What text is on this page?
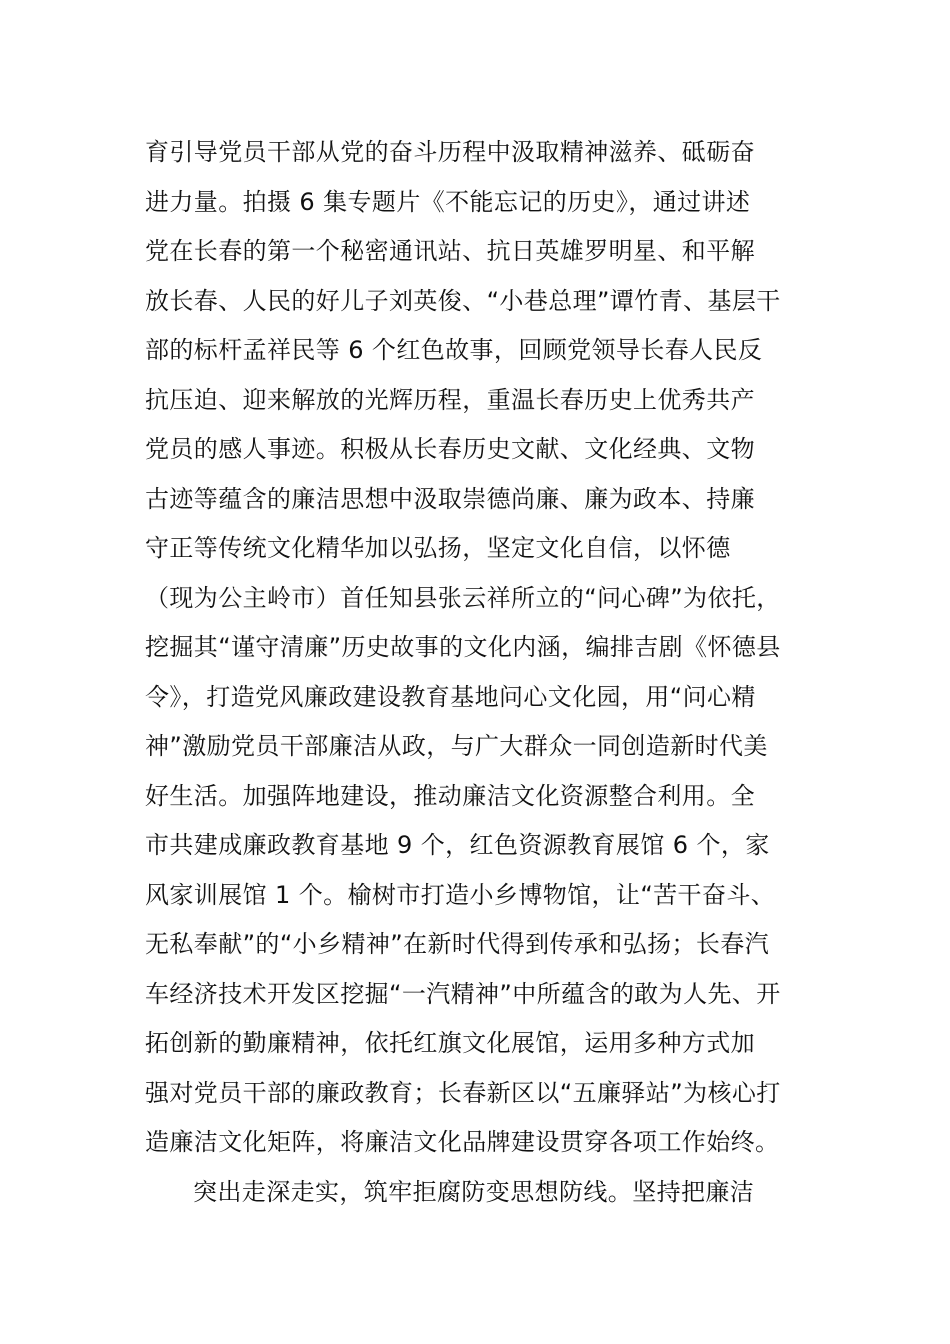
育引导党员干部从党的奋斗历程中汲取精神滋养、砥砺奋
进力量。拍摄 6 集专题片《不能忘记的历史》，通过讲述
党在长春的第一个秘密通讯站、抗日英雄罗明星、和平解
放长春、人民的好儿子刘英俊、“小巷总理”谭竹青、基层干
部的标杆孟祥民等 6 个红色故事，回顾党领导长春人民反
抗压迫、迎来解放的光辉历程，重温长春历史上优秀共产
党员的感人事迹。积极从长春历史文献、文化经典、文物
古迹等蕴含的廉洁思想中汲取崇德尚廉、廉为政本、持廉
守正等传统文化精华加以弘扬，坚定文化自信，以怀德
（现为公主岭市）首任知县张云祥所立的“问心碑”为依托，
挖掘其“谨守清廉”历史故事的文化内涵，编排吉剧《怀德县
令》，打造党风廉政建设教育基地问心文化园，用“问心精
神”激励党员干部廉洁从政，与广大群众一同创造新时代美
好生活。加强阵地建设，推动廉洁文化资源整合利用。全
市共建成廉政教育基地 9 个，红色资源教育展馆 6 个，家
风家训展馆 1 个。榆树市打造小乡博物馆，让“苦干奋斗、
无私奉献”的“小乡精神”在新时代得到传承和弘扬；长春汽
车经济技术开发区挖掘“一汽精神”中所蕴含的敢为人先、开
拓创新的勤廉精神，依托红旗文化展馆，运用多种方式加
强对党员干部的廉政教育；长春新区以“五廉驿站”为核心打
造廉洁文化矩阵，将廉洁文化品牌建设贯穿各项工作始终。
突出走深走实，筑牢拒腐防变思想防线。坚持把廉洁
